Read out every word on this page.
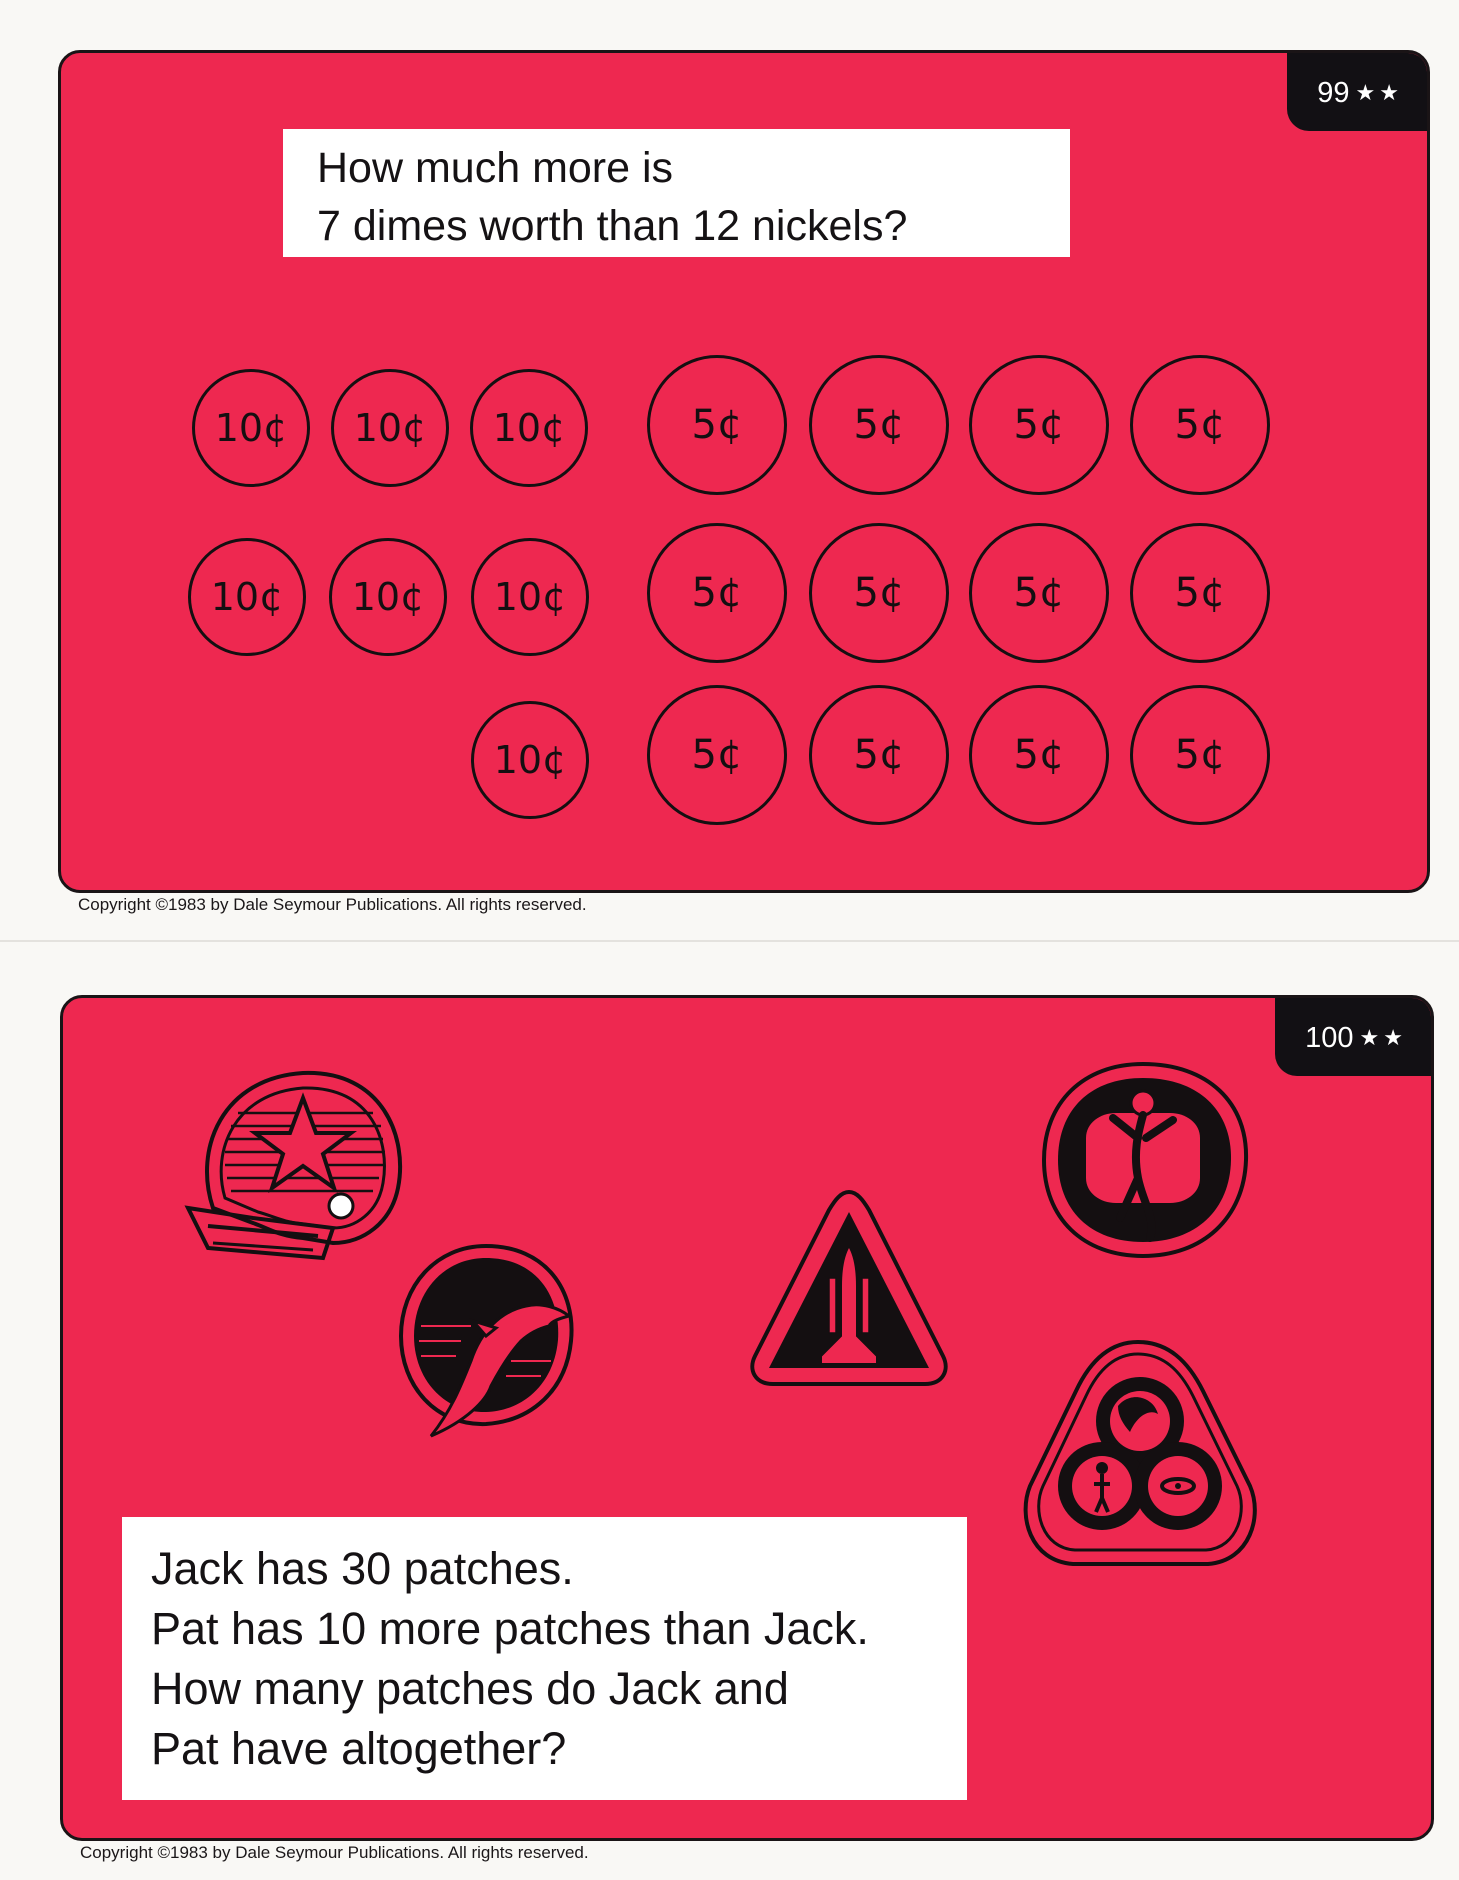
99 ★★
How much more is
7 dimes worth than 12 nickels?
10¢	10¢	10¢
10¢	10¢	10¢
10¢
5¢	5¢	5¢	5¢
5¢	5¢	5¢	5¢
5¢	5¢	5¢	5¢
Copyright ©1983 by Dale Seymour Publications. All rights reserved.
100 ★★
Jack has 30 patches.
Pat has 10 more patches than Jack.
How many patches do Jack and
Pat have altogether?
Copyright ©1983 by Dale Seymour Publications. All rights reserved.
